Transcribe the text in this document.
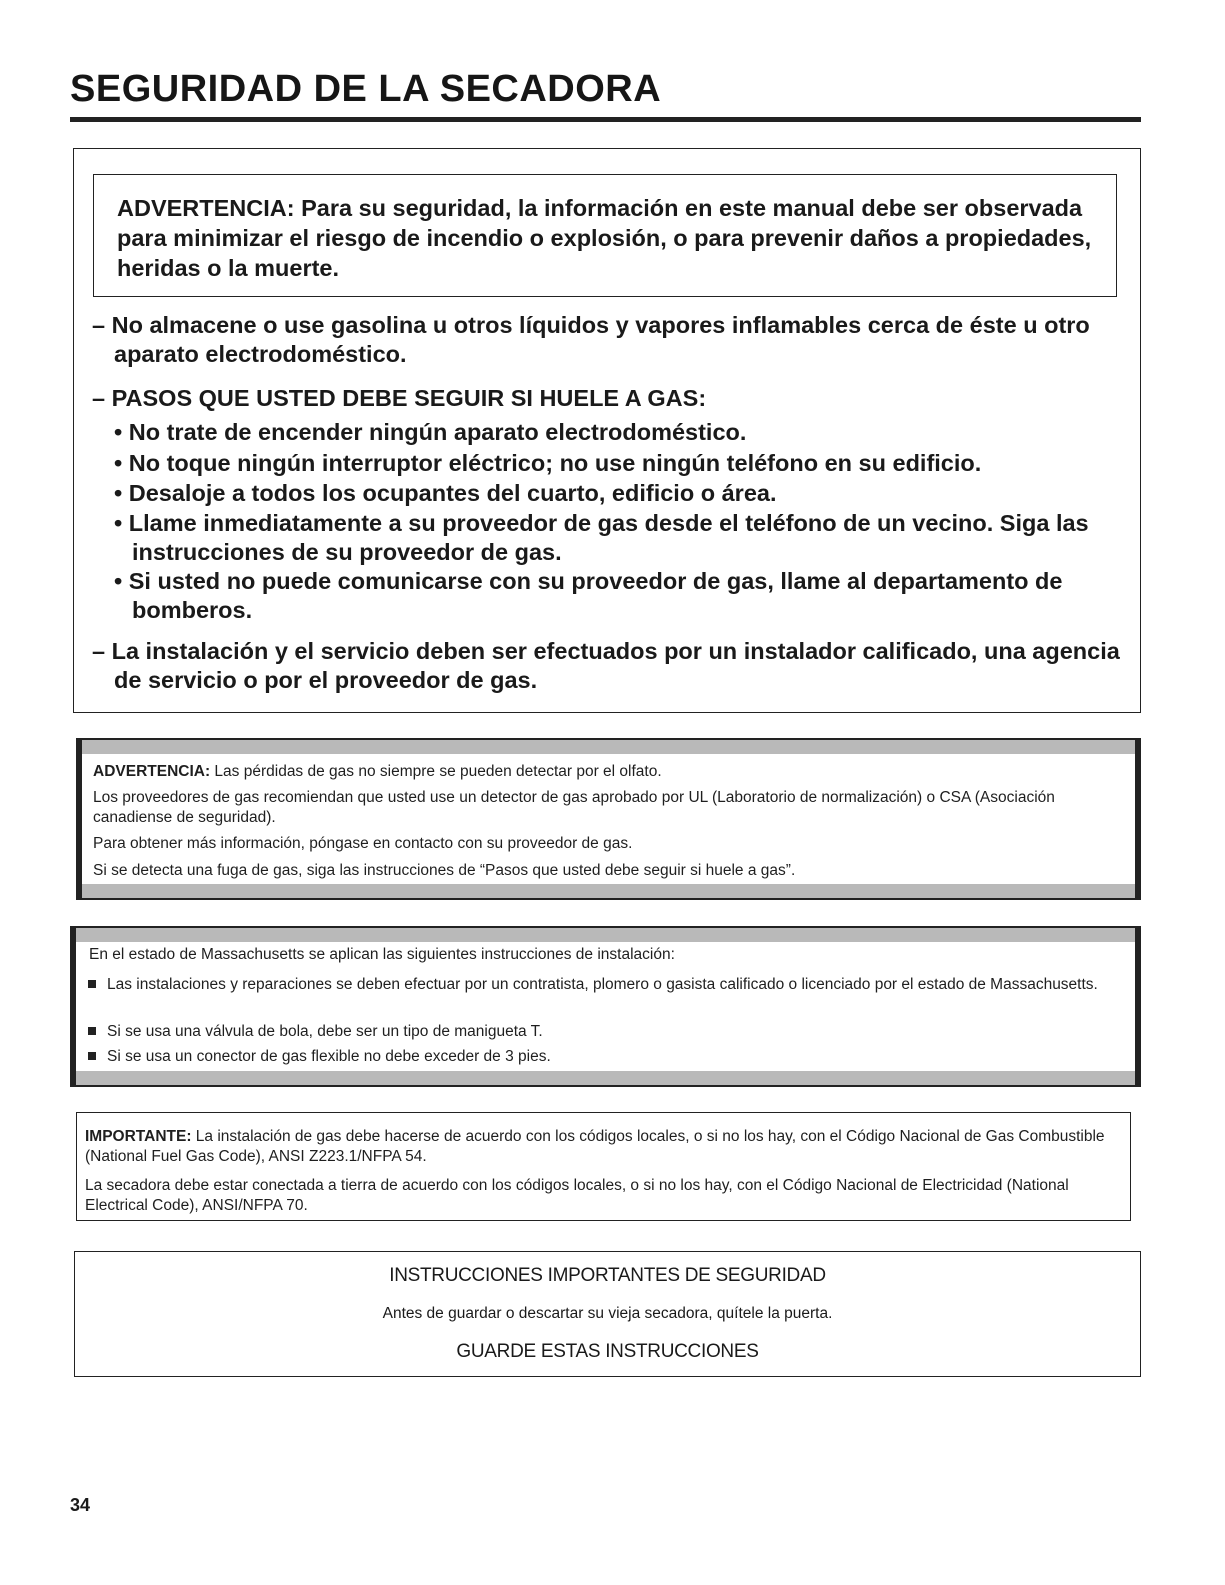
SEGURIDAD DE LA SECADORA
ADVERTENCIA: Para su seguridad, la información en este manual debe ser observada para minimizar el riesgo de incendio o explosión, o para prevenir daños a propiedades, heridas o la muerte.
– No almacene o use gasolina u otros líquidos y vapores inflamables cerca de éste u otro aparato electrodoméstico.
– PASOS QUE USTED DEBE SEGUIR SI HUELE A GAS:
• No trate de encender ningún aparato electrodoméstico.
• No toque ningún interruptor eléctrico; no use ningún teléfono en su edificio.
• Desaloje a todos los ocupantes del cuarto, edificio o área.
• Llame inmediatamente a su proveedor de gas desde el teléfono de un vecino. Siga las instrucciones de su proveedor de gas.
• Si usted no puede comunicarse con su proveedor de gas, llame al departamento de bomberos.
– La instalación y el servicio deben ser efectuados por un instalador calificado, una agencia de servicio o por el proveedor de gas.
ADVERTENCIA: Las pérdidas de gas no siempre se pueden detectar por el olfato.
Los proveedores de gas recomiendan que usted use un detector de gas aprobado por UL (Laboratorio de normalización) o CSA (Asociación canadiense de seguridad).
Para obtener más información, póngase en contacto con su proveedor de gas.
Si se detecta una fuga de gas, siga las instrucciones de “Pasos que usted debe seguir si huele a gas”.
En el estado de Massachusetts se aplican las siguientes instrucciones de instalación:
Las instalaciones y reparaciones se deben efectuar por un contratista, plomero o gasista calificado o licenciado por el estado de Massachusetts.
Si se usa una válvula de bola, debe ser un tipo de manigueta T.
Si se usa un conector de gas flexible no debe exceder de 3 pies.
IMPORTANTE: La instalación de gas debe hacerse de acuerdo con los códigos locales, o si no los hay, con el Código Nacional de Gas Combustible (National Fuel Gas Code), ANSI Z223.1/NFPA 54.
La secadora debe estar conectada a tierra de acuerdo con los códigos locales, o si no los hay, con el Código Nacional de Electricidad (National Electrical Code), ANSI/NFPA 70.
INSTRUCCIONES IMPORTANTES DE SEGURIDAD
Antes de guardar o descartar su vieja secadora, quítele la puerta.
GUARDE ESTAS INSTRUCCIONES
34
